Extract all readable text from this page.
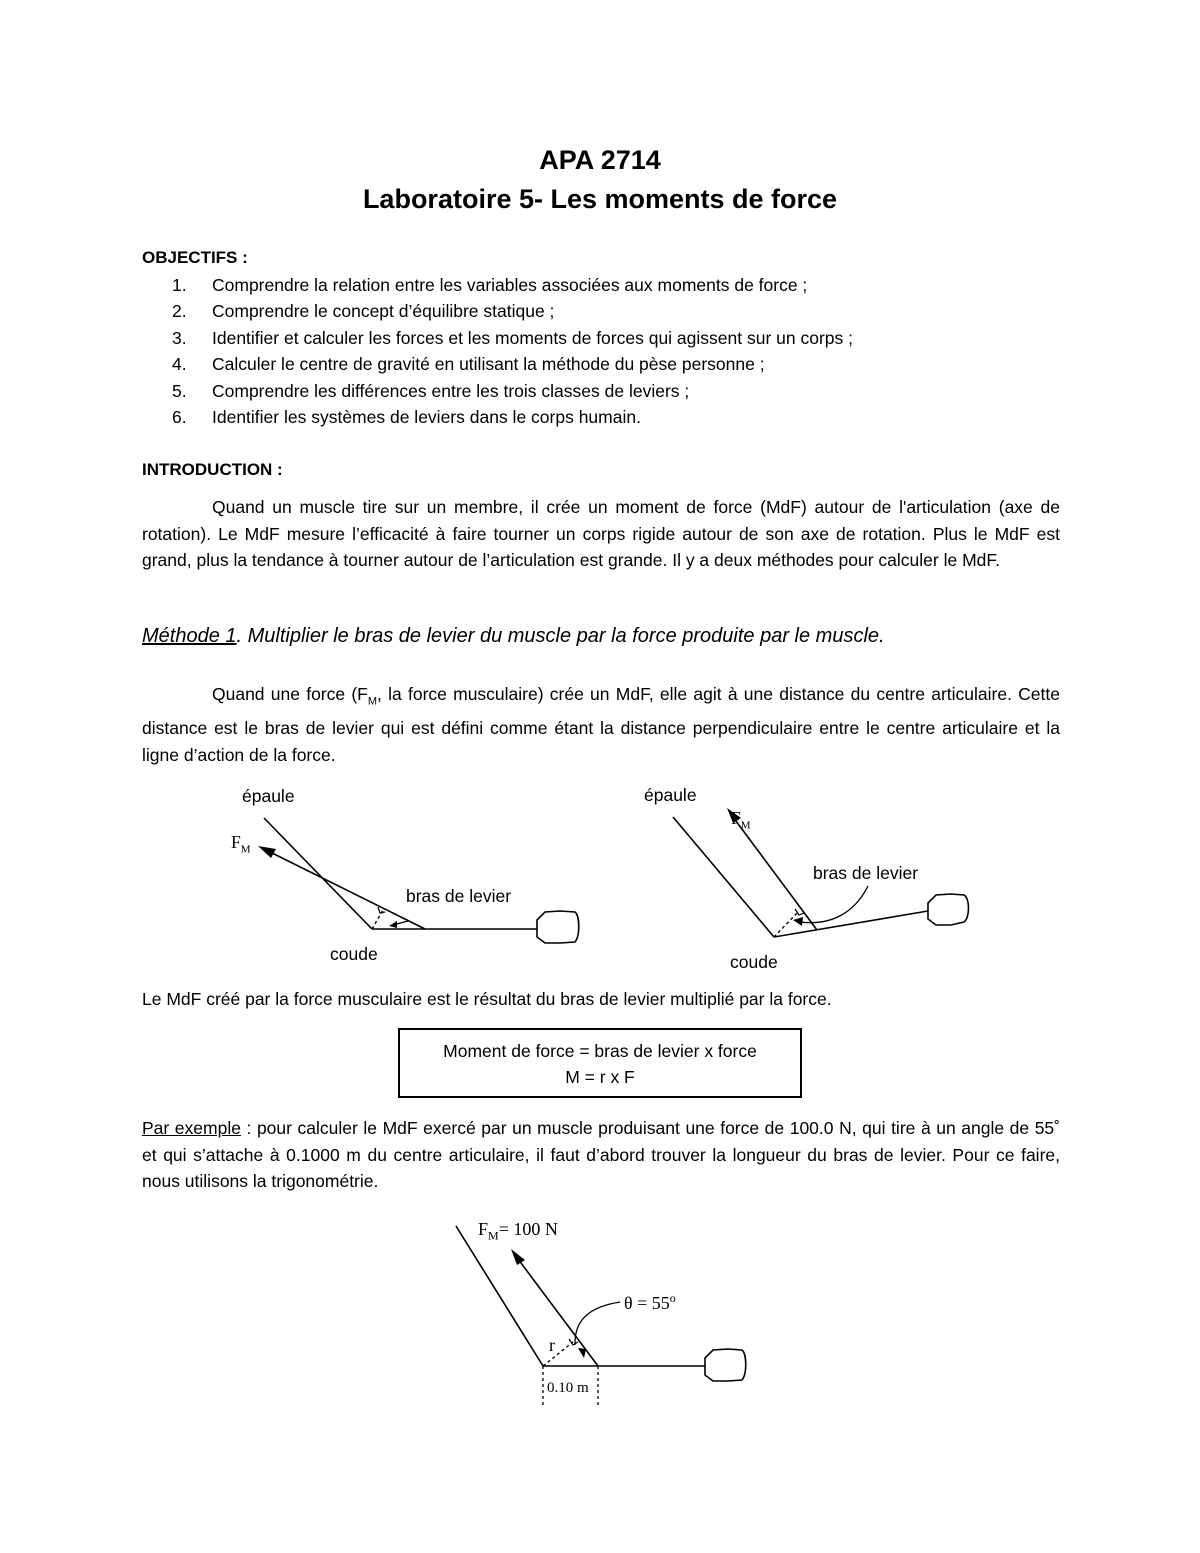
APA 2714
Laboratoire 5- Les moments de force
OBJECTIFS :
1. Comprendre la relation entre les variables associées aux moments de force ;
2. Comprendre le concept d’équilibre statique ;
3. Identifier et calculer les forces et les moments de forces qui agissent sur un corps ;
4. Calculer le centre de gravité en utilisant la méthode du pèse personne ;
5. Comprendre les différences entre les trois classes de leviers ;
6. Identifier les systèmes de leviers dans le corps humain.
INTRODUCTION :
Quand un muscle tire sur un membre, il crée un moment de force (MdF) autour de l'articulation (axe de rotation). Le MdF mesure l’efficacité à faire tourner un corps rigide autour de son axe de rotation. Plus le MdF est grand, plus la tendance à tourner autour de l’articulation est grande. Il y a deux méthodes pour calculer le MdF.
Méthode 1. Multiplier le bras de levier du muscle par la force produite par le muscle.
Quand une force ($F_M$, la force musculaire) crée un MdF, elle agit à une distance du centre articulaire. Cette distance est le bras de levier qui est défini comme étant la distance perpendiculaire entre le centre articulaire et la ligne d’action de la force.
épaule
$F_M$
bras de levier
coude
épaule
$F_M$
bras de levier
coude
Le MdF créé par la force musculaire est le résultat du bras de levier multiplié par la force.
Moment de force = bras de levier x force
M = r x F
Par exemple : pour calculer le MdF exercé par un muscle produisant une force de 100.0 N, qui tire à un angle de 55˚ et qui s’attache à 0.1000 m du centre articulaire, il faut d’abord trouver la longueur du bras de levier. Pour ce faire, nous utilisons la trigonométrie.
$F_M= 100$ N
$\theta = 55^o$
r
0.10 m
